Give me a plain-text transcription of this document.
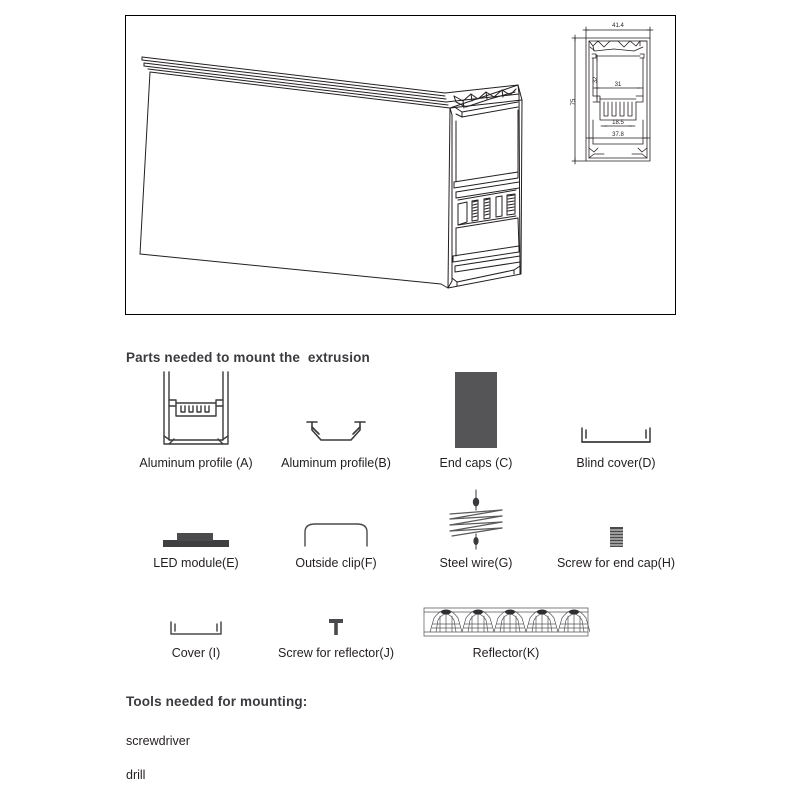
41.4
75
32
31
18.5
37.8
Parts needed to mount the  extrusion
Aluminum profile (A) Aluminum profile(B)	End caps (C)	Blind cover(D)
LED module(E)	Outside clip(F)	Steel wire(G)	Screw for end cap(H)
Cover (I)	Screw for reflector(J)	Reflector(K)
Tools needed for mounting:
screwdriver
drill
